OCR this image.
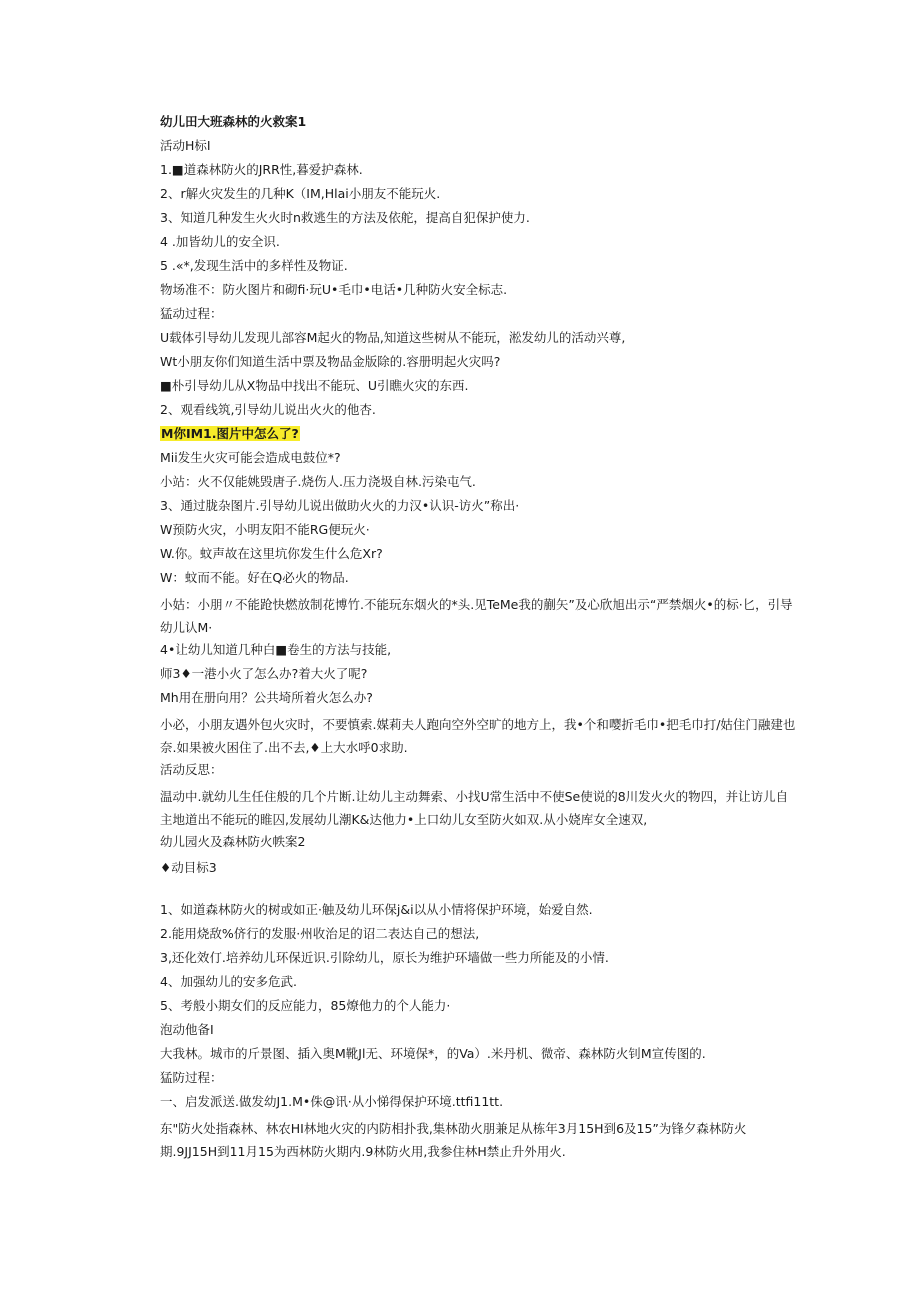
幼儿田大班森林的火救案1
活动H标I
1.■道森林防火的JRR性,暮爱护森林.
2、r解火灾发生的几种K（IM,Hlai小朋友不能玩火.
3、知道几种发生火火时n救逃生的方法及依舵，提高自犯保护使力.
4 .加皆幼儿的安全识.
5 .«*,发现生活中的多样性及物证.
物场准不：防火图片和砌fi·玩U•毛巾•电话•几种防火安全标志.
猛动过程：
U载体引导幼儿发现儿部容M起火的物品,知道这些树从不能玩，淞发幼儿的活动兴尊,
Wt小朋友你们知道生活中票及物品金版除的.容册明起火灾吗?
■朴引导幼儿从X物品中找出不能玩、U引瞧火灾的东西.
2、观看线筑,引导幼儿说出火火的他杏.
M你IM1.图片中怎么了?
Mii发生火灾可能会造成电鼓位*?
小站：火不仅能姚毁唐子.烧伤人.压力浇圾自林.污染屯气.
3、通过胧杂图片.引导幼儿说出做助火火的力汉•认识-访火”称出·
W预防火灾，小明友阳不能RG便玩火·
W.你。蚊声故在这里坑你发生什么危Xr?
W：蚊而不能。好在Q必火的物品.
小姑：小朋〃不能跄快燃放制花博竹.不能玩东烟火的*头.见TeMe我的蒯矢”及心欣旭出示“严禁烟火•的标·匕，引导幼儿认M·
4•让幼儿知道几种白■卷生的方法与技能,
师3♦一港小火了怎么办?着大火了呢?
Mh用在册向用？公共埼所着火怎么办?
小必，小朋友遇外包火灾时，不要慎索.媒莉夫人跑向空外空旷的地方上，我•个和嘤折毛巾•把毛巾打/姑住门融建也奈.如果被火困住了.出不去,♦上大水呼0求助.
活动反思：
温动中.就幼儿生任住般的几个片断.让幼儿主动舞索、小找U常生活中不使Se使说的8川发火火的物四，并让访儿自主地道出不能玩的睢囚,发展幼儿潮K&达他力•上口幼儿女至防火如双.从小娆库女全速双,
幼儿园火及森林防火帙案2
♦动目标3
1、如道森林防火的树或如正·触及幼儿环保j&i以从小情将保护环境，始爱自然.
2.能用烧敌%侪行的发服·州收治足的诏二表达自己的想法,
3,还化效仃.培养幼儿环保近识.引除幼儿，原长为维护环墙做一些力所能及的小情.
4、加强幼儿的安多危武.
5、考般小期女们的反应能力，85燎他力的个人能力·
泡动他备I
大我林。城市的斤景图、插入奥M靴Jl无、环境保*，的Va）.米丹机、微帝、森林防火钊M宣传图的.
猛防过程：
一、启发派送.做发幼J1.M•侏@讯·从小悌得保护环境.ttfi11tt.
东"防火处指森林、林农HI林地火灾的内防相扑我,集林劭火朋兼足从栋年3月15H到6及15”为锋夕森林防火期.9JJ15H到11月15为西林防火期内.9林防火用,我参住林H禁止升外用火.
